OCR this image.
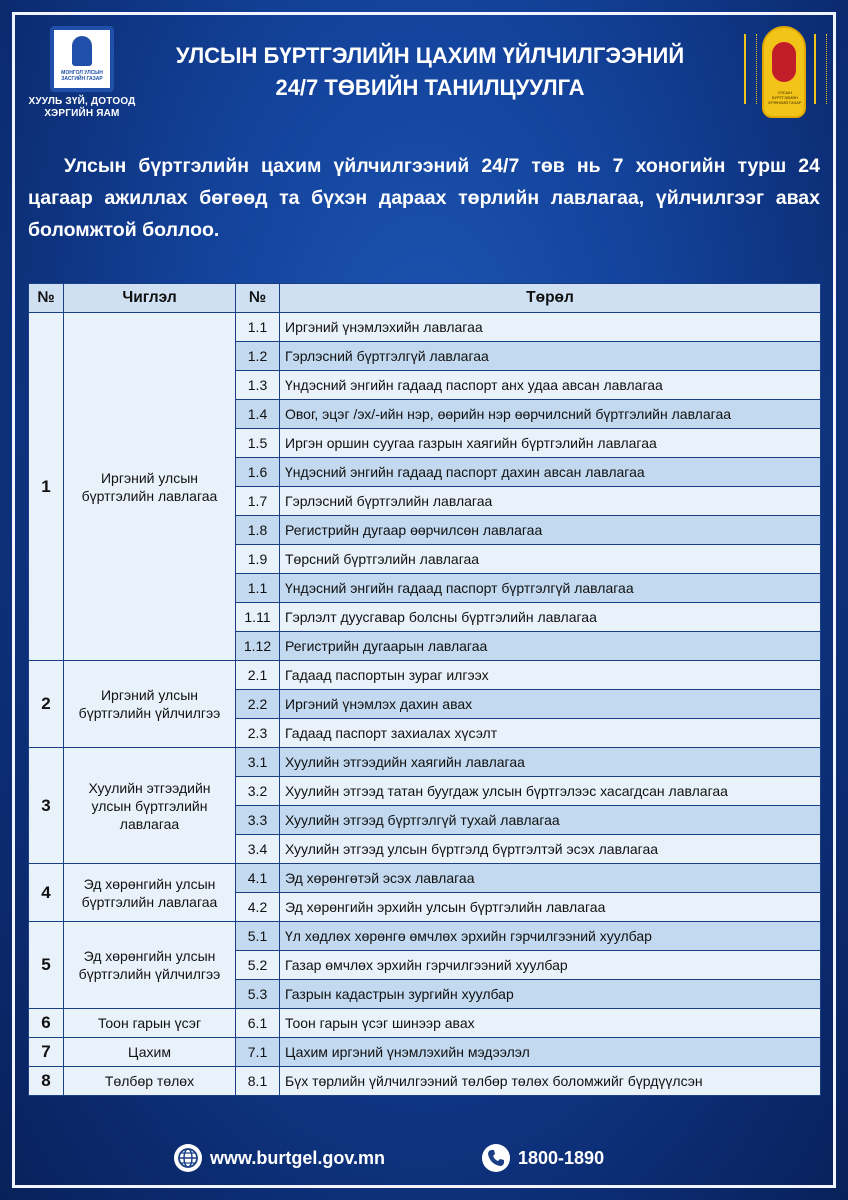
МОНГОЛ УЛСЫН ЗАСГИЙН ГАЗАР
ХУУЛЬ ЗҮЙ, ДОТООД
ХЭРГИЙН ЯАМ
УЛСЫН БҮРТГЭЛИЙН ЦАХИМ ҮЙЛЧИЛГЭЭНИЙ
24/7 ТӨВИЙН ТАНИЛЦУУЛГА	УЛСЫН БҮРТГЭЛИЙН ЕРӨНХИЙ ГАЗАР
Улсын бүртгэлийн цахим үйлчилгээний 24/7 төв нь 7 хоногийн турш 24 цагаар ажиллах бөгөөд та бүхэн дараах төрлийн лавлагаа, үйлчилгээг авах боломжтой боллоо.
№	Чиглэл	№	Төрөл
1	Иргэний улсын бүртгэлийн лавлагаа	1.1	Иргэний үнэмлэхийн лавлагаа
		1.2	Гэрлэсний бүртгэлгүй лавлагаа
		1.3	Үндэсний энгийн гадаад паспорт анх удаа авсан лавлагаа
		1.4	Овог, эцэг /эх/-ийн нэр, өөрийн нэр өөрчилсний бүртгэлийн лавлагаа
		1.5	Иргэн оршин суугаа газрын хаягийн бүртгэлийн лавлагаа
		1.6	Үндэсний энгийн гадаад паспорт дахин авсан лавлагаа
		1.7	Гэрлэсний бүртгэлийн лавлагаа
		1.8	Регистрийн дугаар өөрчилсөн лавлагаа
		1.9	Төрсний бүртгэлийн лавлагаа
		1.1	Үндэсний энгийн гадаад паспорт бүртгэлгүй лавлагаа
		1.11	Гэрлэлт дуусгавар болсны бүртгэлийн лавлагаа
		1.12	Регистрийн дугаарын лавлагаа
2	Иргэний улсын бүртгэлийн үйлчилгээ	2.1	Гадаад паспортын зураг илгээх
		2.2	Иргэний үнэмлэх дахин авах
		2.3	Гадаад паспорт захиалах хүсэлт
3	Хуулийн этгээдийн улсын бүртгэлийн лавлагаа	3.1	Хуулийн этгээдийн хаягийн лавлагаа
		3.2	Хуулийн этгээд татан буугдаж улсын бүртгэлээс хасагдсан лавлагаа
		3.3	Хуулийн этгээд бүртгэлгүй тухай лавлагаа
		3.4	Хуулийн этгээд улсын бүртгэлд бүртгэлтэй эсэх лавлагаа
4	Эд хөрөнгийн улсын бүртгэлийн лавлагаа	4.1	Эд хөрөнгөтэй эсэх лавлагаа
		4.2	Эд хөрөнгийн эрхийн улсын бүртгэлийн лавлагаа
5	Эд хөрөнгийн улсын бүртгэлийн үйлчилгээ	5.1	Үл хөдлөх хөрөнгө өмчлөх эрхийн гэрчилгээний хуулбар
		5.2	Газар өмчлөх эрхийн гэрчилгээний хуулбар
		5.3	Газрын кадастрын зургийн хуулбар
6	Тоон гарын үсэг	6.1	Тоон гарын үсэг шинээр авах
7	Цахим	7.1	Цахим иргэний үнэмлэхийн мэдээлэл
8	Төлбөр төлөх	8.1	Бүх төрлийн үйлчилгээний төлбөр төлөх боломжийг бүрдүүлсэн
www.burtgel.gov.mn	1800-1890
